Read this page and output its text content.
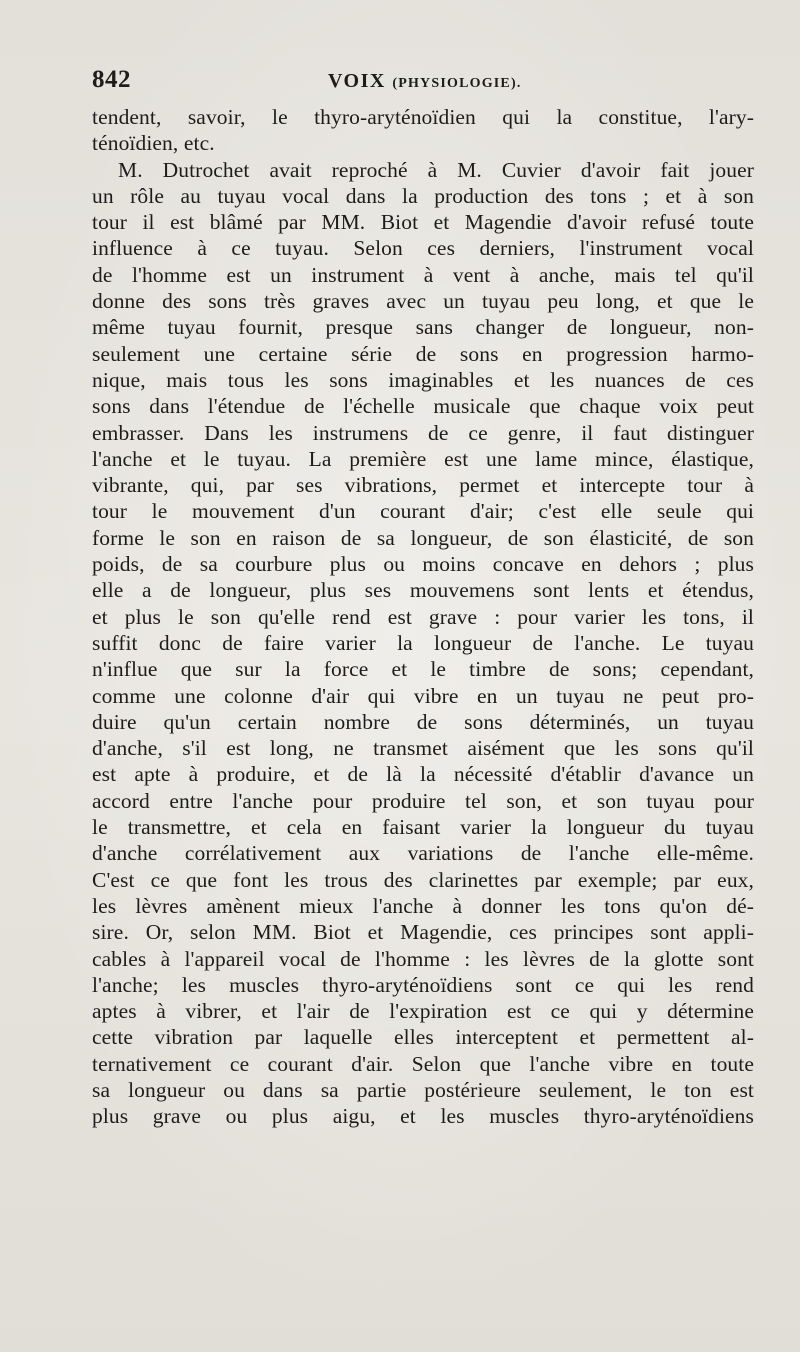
842	VOIX (PHYSIOLOGIE).
tendent, savoir, le thyro-aryténoïdien qui la constitue, l'ary-
ténoïdien, etc.
M. Dutrochet avait reproché à M. Cuvier d'avoir fait jouer
un rôle au tuyau vocal dans la production des tons ; et à son
tour il est blâmé par MM. Biot et Magendie d'avoir refusé toute
influence à ce tuyau. Selon ces derniers, l'instrument vocal
de l'homme est un instrument à vent à anche, mais tel qu'il
donne des sons très graves avec un tuyau peu long, et que le
même tuyau fournit, presque sans changer de longueur, non-
seulement une certaine série de sons en progression harmo-
nique, mais tous les sons imaginables et les nuances de ces
sons dans l'étendue de l'échelle musicale que chaque voix peut
embrasser. Dans les instrumens de ce genre, il faut distinguer
l'anche et le tuyau. La première est une lame mince, élastique,
vibrante, qui, par ses vibrations, permet et intercepte tour à
tour le mouvement d'un courant d'air; c'est elle seule qui
forme le son en raison de sa longueur, de son élasticité, de son
poids, de sa courbure plus ou moins concave en dehors ; plus
elle a de longueur, plus ses mouvemens sont lents et étendus,
et plus le son qu'elle rend est grave : pour varier les tons, il
suffit donc de faire varier la longueur de l'anche. Le tuyau
n'influe que sur la force et le timbre de sons; cependant,
comme une colonne d'air qui vibre en un tuyau ne peut pro-
duire qu'un certain nombre de sons déterminés, un tuyau
d'anche, s'il est long, ne transmet aisément que les sons qu'il
est apte à produire, et de là la nécessité d'établir d'avance un
accord entre l'anche pour produire tel son, et son tuyau pour
le transmettre, et cela en faisant varier la longueur du tuyau
d'anche corrélativement aux variations de l'anche elle-même.
C'est ce que font les trous des clarinettes par exemple; par eux,
les lèvres amènent mieux l'anche à donner les tons qu'on dé-
sire. Or, selon MM. Biot et Magendie, ces principes sont appli-
cables à l'appareil vocal de l'homme : les lèvres de la glotte sont
l'anche; les muscles thyro-aryténoïdiens sont ce qui les rend
aptes à vibrer, et l'air de l'expiration est ce qui y détermine
cette vibration par laquelle elles interceptent et permettent al-
ternativement ce courant d'air. Selon que l'anche vibre en toute
sa longueur ou dans sa partie postérieure seulement, le ton est
plus grave ou plus aigu, et les muscles thyro-aryténoïdiens
